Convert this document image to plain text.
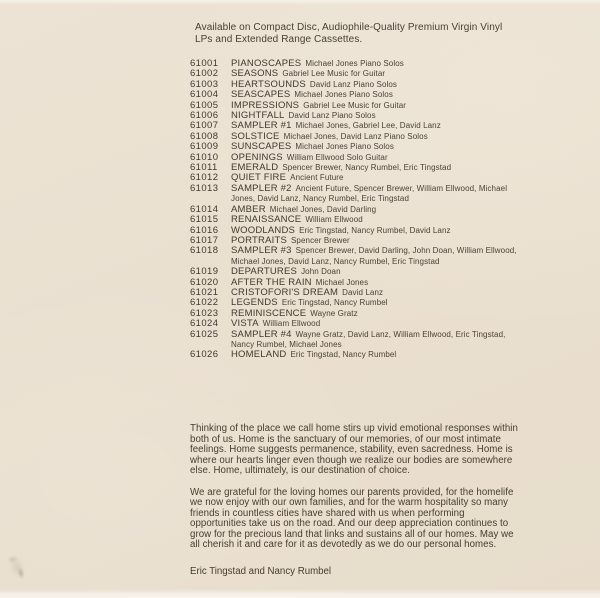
Available on Compact Disc, Audiophile-Quality Premium Virgin Vinyl LPs and Extended Range Cassettes.

61001 PIANOSCAPES Michael Jones Piano Solos
61002 SEASONS Gabriel Lee Music for Guitar
61003 HEARTSOUNDS David Lanz Piano Solos
61004 SEASCAPES Michael Jones Piano Solos
61005 IMPRESSIONS Gabriel Lee Music for Guitar
61006 NIGHTFALL David Lanz Piano Solos
61007 SAMPLER #1 Michael Jones, Gabriel Lee, David Lanz
61008 SOLSTICE Michael Jones, David Lanz Piano Solos
61009 SUNSCAPES Michael Jones Piano Solos
61010 OPENINGS William Ellwood Solo Guitar
61011 EMERALD Spencer Brewer, Nancy Rumbel, Eric Tingstad
61012 QUIET FIRE Ancient Future
61013 SAMPLER #2 Ancient Future, Spencer Brewer, William Ellwood, Michael Jones, David Lanz, Nancy Rumbel, Eric Tingstad
61014 AMBER Michael Jones, David Darling
61015 RENAISSANCE William Ellwood
61016 WOODLANDS Eric Tingstad, Nancy Rumbel, David Lanz
61017 PORTRAITS Spencer Brewer
61018 SAMPLER #3 Spencer Brewer, David Darling, John Doan, William Ellwood, Michael Jones, David Lanz, Nancy Rumbel, Eric Tingstad
61019 DEPARTURES John Doan
61020 AFTER THE RAIN Michael Jones
61021 CRISTOFORI'S DREAM David Lanz
61022 LEGENDS Eric Tingstad, Nancy Rumbel
61023 REMINISCENCE Wayne Gratz
61024 VISTA William Ellwood
61025 SAMPLER #4 Wayne Gratz, David Lanz, William Ellwood, Eric Tingstad, Nancy Rumbel, Michael Jones
61026 HOMELAND Eric Tingstad, Nancy Rumbel

Thinking of the place we call home stirs up vivid emotional responses within both of us. Home is the sanctuary of our memories, of our most intimate feelings. Home suggests permanence, stability, even sacredness. Home is where our hearts linger even though we realize our bodies are somewhere else. Home, ultimately, is our destination of choice.

We are grateful for the loving homes our parents provided, for the homelife we now enjoy with our own families, and for the warm hospitality so many friends in countless cities have shared with us when performing opportunities take us on the road. And our deep appreciation continues to grow for the precious land that links and sustains all of our homes. May we all cherish it and care for it as devotedly as we do our personal homes.

Eric Tingstad and Nancy Rumbel
